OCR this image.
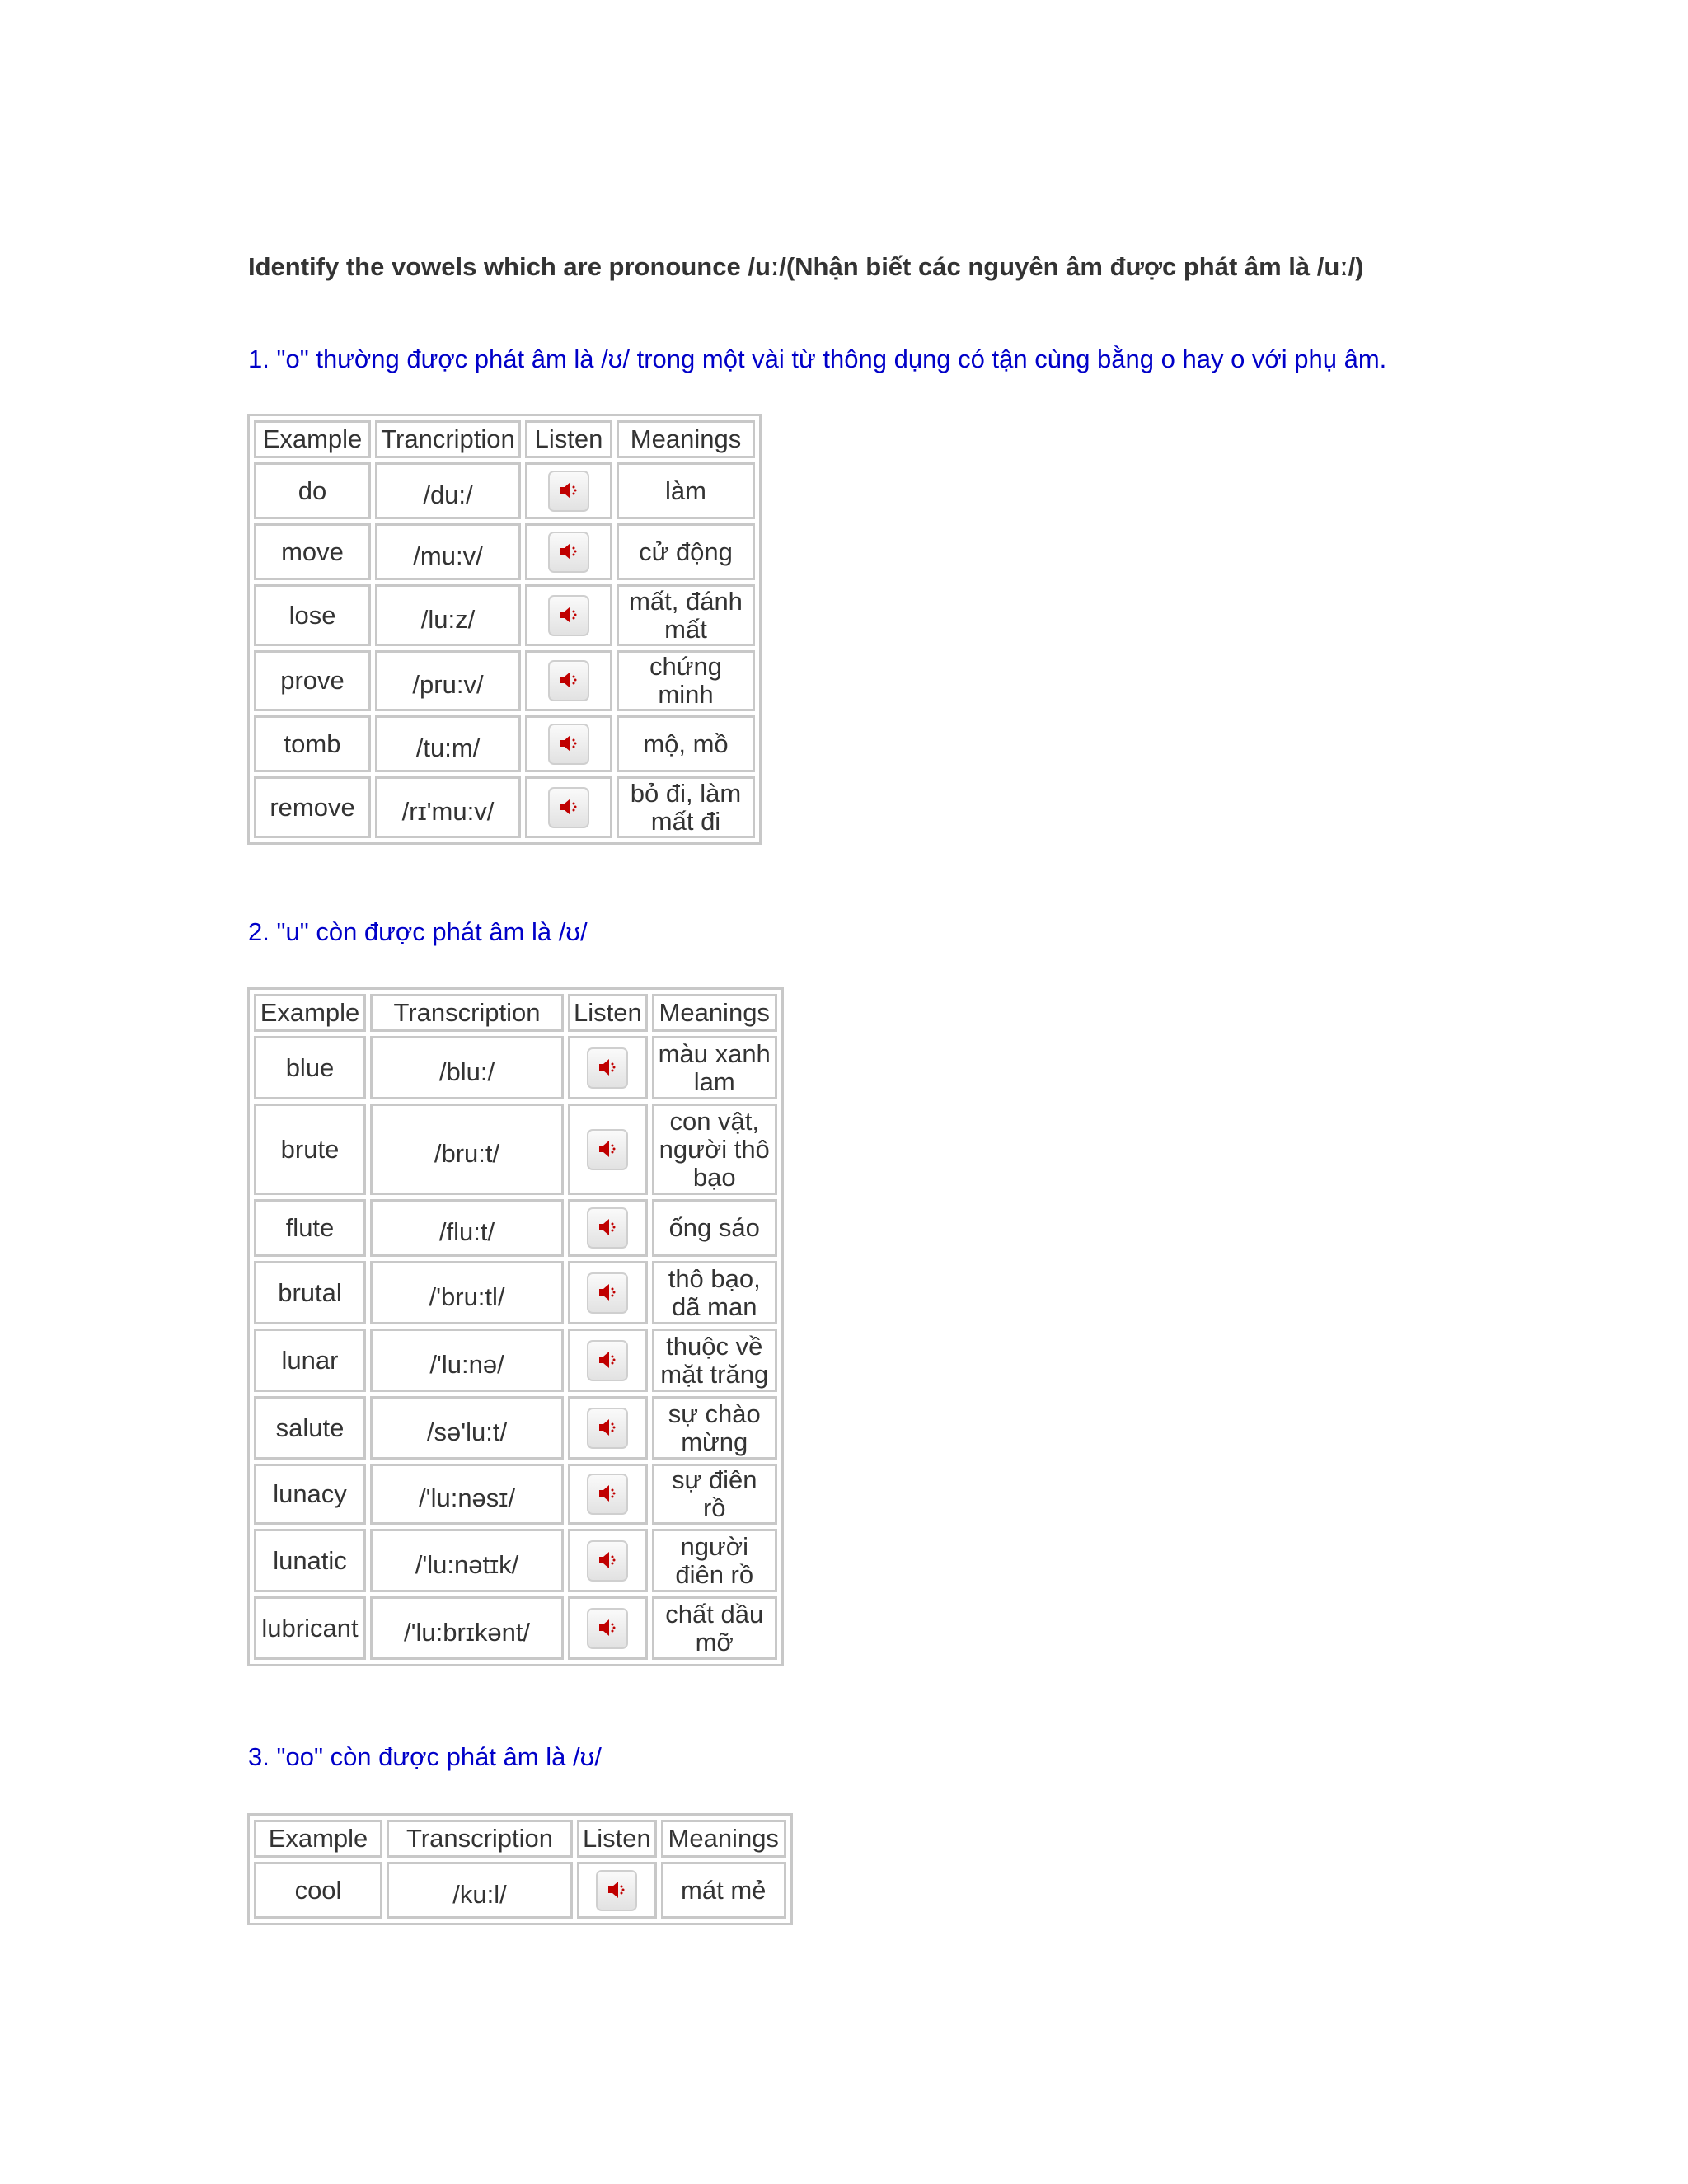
Identify the vowels which are pronounce /uː/(Nhận biết các nguyên âm được phát âm là /uː/)

1. "o" thường được phát âm là /ʊ/ trong một vài từ thông dụng có tận cùng bằng o hay o với phụ âm.

Example	Trancription	Listen	Meanings
do	/du:/		làm
move	/mu:v/		cử động
lose	/lu:z/		mất, đánh mất
prove	/pru:v/		chứng minh
tomb	/tu:m/		mộ, mồ
remove	/rɪ'mu:v/		bỏ đi, làm mất đi

2. "u" còn được phát âm là /ʊ/

Example	Transcription	Listen	Meanings
blue	/blu:/		màu xanh lam
brute	/bru:t/		con vật, người thô bạo
flute	/flu:t/		ống sáo
brutal	/'bru:tl/		thô bạo, dã man
lunar	/'lu:nə/		thuộc về mặt trăng
salute	/sə'lu:t/		sự chào mừng
lunacy	/'lu:nəsɪ/		sự điên rồ
lunatic	/'lu:nətɪk/		người điên rồ
lubricant	/'lu:brɪkənt/		chất dầu mỡ

3. "oo" còn được phát âm là /ʊ/

Example	Transcription	Listen	Meanings
cool	/ku:l/		mát mẻ
